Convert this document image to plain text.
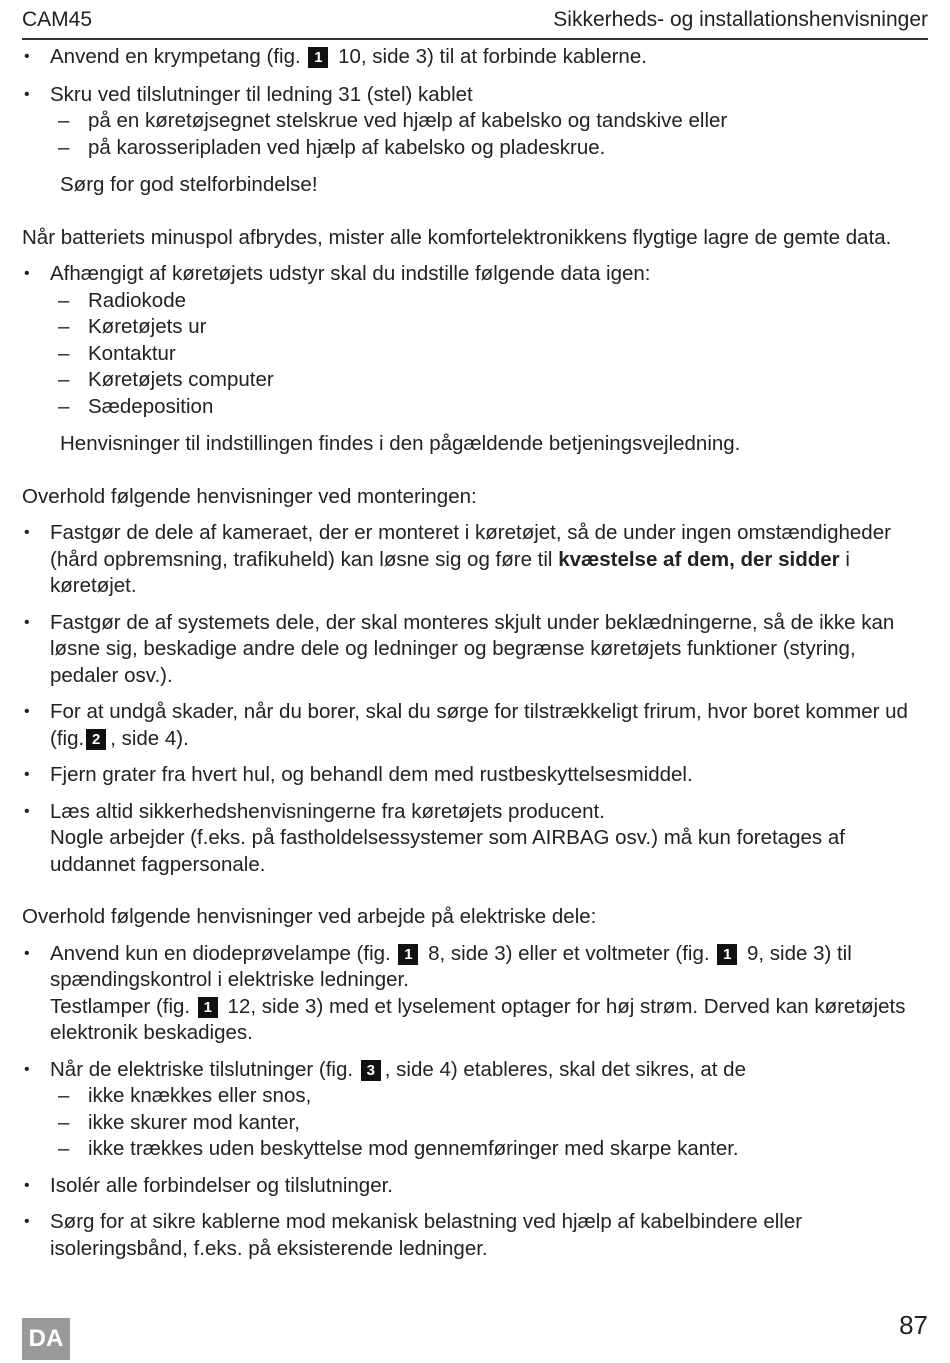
CAM45	Sikkerheds- og installationshenvisninger
• Anvend en krympetang (fig. 1 10, side 3) til at forbinde kablerne.
• Skru ved tilslutninger til ledning 31 (stel) kablet
– på en køretøjsegnet stelskrue ved hjælp af kabelsko og tandskive eller
– på karosseripladen ved hjælp af kabelsko og pladeskrue.
Sørg for god stelforbindelse!
Når batteriets minuspol afbrydes, mister alle komfortelektronikkens flygtige lagre de gemte data.
• Afhængigt af køretøjets udstyr skal du indstille følgende data igen:
– Radiokode
– Køretøjets ur
– Kontaktur
– Køretøjets computer
– Sædeposition
Henvisninger til indstillingen findes i den pågældende betjeningsvejledning.
Overhold følgende henvisninger ved monteringen:
• Fastgør de dele af kameraet, der er monteret i køretøjet, så de under ingen omstændigheder (hård opbremsning, trafikuheld) kan løsne sig og føre til kvæstelse af dem, der sidder i køretøjet.
• Fastgør de af systemets dele, der skal monteres skjult under beklædningerne, så de ikke kan løsne sig, beskadige andre dele og ledninger og begrænse køretøjets funktioner (styring, pedaler osv.).
• For at undgå skader, når du borer, skal du sørge for tilstrækkeligt frirum, hvor boret kommer ud (fig. 2 , side 4).
• Fjern grater fra hvert hul, og behandl dem med rustbeskyttelsesmiddel.
• Læs altid sikkerhedshenvisningerne fra køretøjets producent.
Nogle arbejder (f.eks. på fastholdelsessystemer som AIRBAG osv.) må kun foretages af uddannet fagpersonale.
Overhold følgende henvisninger ved arbejde på elektriske dele:
• Anvend kun en diodeprøvelampe (fig. 1 8, side 3) eller et voltmeter (fig. 1 9, side 3) til spændingskontrol i elektriske ledninger.
Testlamper (fig. 1 12, side 3) med et lyselement optager for høj strøm. Derved kan køretøjets elektronik beskadiges.
• Når de elektriske tilslutninger (fig. 3 , side 4) etableres, skal det sikres, at de
– ikke knækkes eller snos,
– ikke skurer mod kanter,
– ikke trækkes uden beskyttelse mod gennemføringer med skarpe kanter.
• Isolér alle forbindelser og tilslutninger.
• Sørg for at sikre kablerne mod mekanisk belastning ved hjælp af kabelbindere eller isoleringsbånd, f.eks. på eksisterende ledninger.
DA	87
